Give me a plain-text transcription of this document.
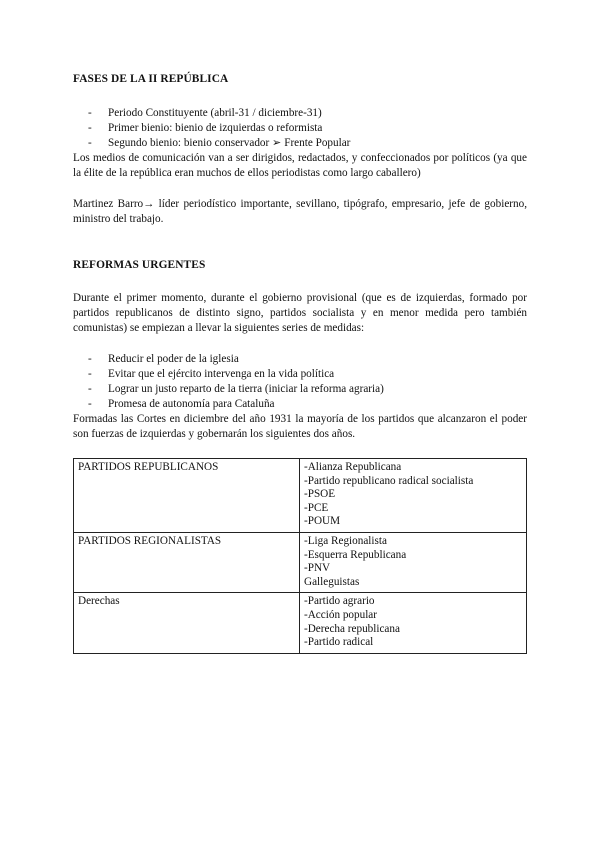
FASES DE LA II REPÚBLICA
- Periodo Constituyente (abril-31 / diciembre-31)
- Primer bienio: bienio de izquierdas o reformista
- Segundo bienio: bienio conservador ➢ Frente Popular

Los medios de comunicación van a ser dirigidos, redactados, y confeccionados por políticos (ya que la élite de la república eran muchos de ellos periodistas como largo caballero)

Martinez Barro→ líder periodístico importante, sevillano, tipógrafo, empresario, jefe de gobierno, ministro del trabajo.

REFORMAS URGENTES

Durante el primer momento, durante el gobierno provisional (que es de izquierdas, formado por partidos republicanos de distinto signo, partidos socialista y en menor medida pero también comunistas) se empiezan a llevar la siguientes series de medidas:

- Reducir el poder de la iglesia
- Evitar que el ejército intervenga en la vida política
- Lograr un justo reparto de la tierra (iniciar la reforma agraria)
- Promesa de autonomía para Cataluña

Formadas las Cortes en diciembre del año 1931 la mayoría de los partidos que alcanzaron el poder son fuerzas de izquierdas y gobernarán los siguientes dos años.

PARTIDOS REPUBLICANOS	-Alianza Republicana
-Partido republicano radical socialista
-PSOE
-PCE
-POUM

PARTIDOS REGIONALISTAS	-Liga Regionalista
-Esquerra Republicana
-PNV
Galleguistas

Derechas	-Partido agrario
-Acción popular
-Derecha republicana
-Partido radical
